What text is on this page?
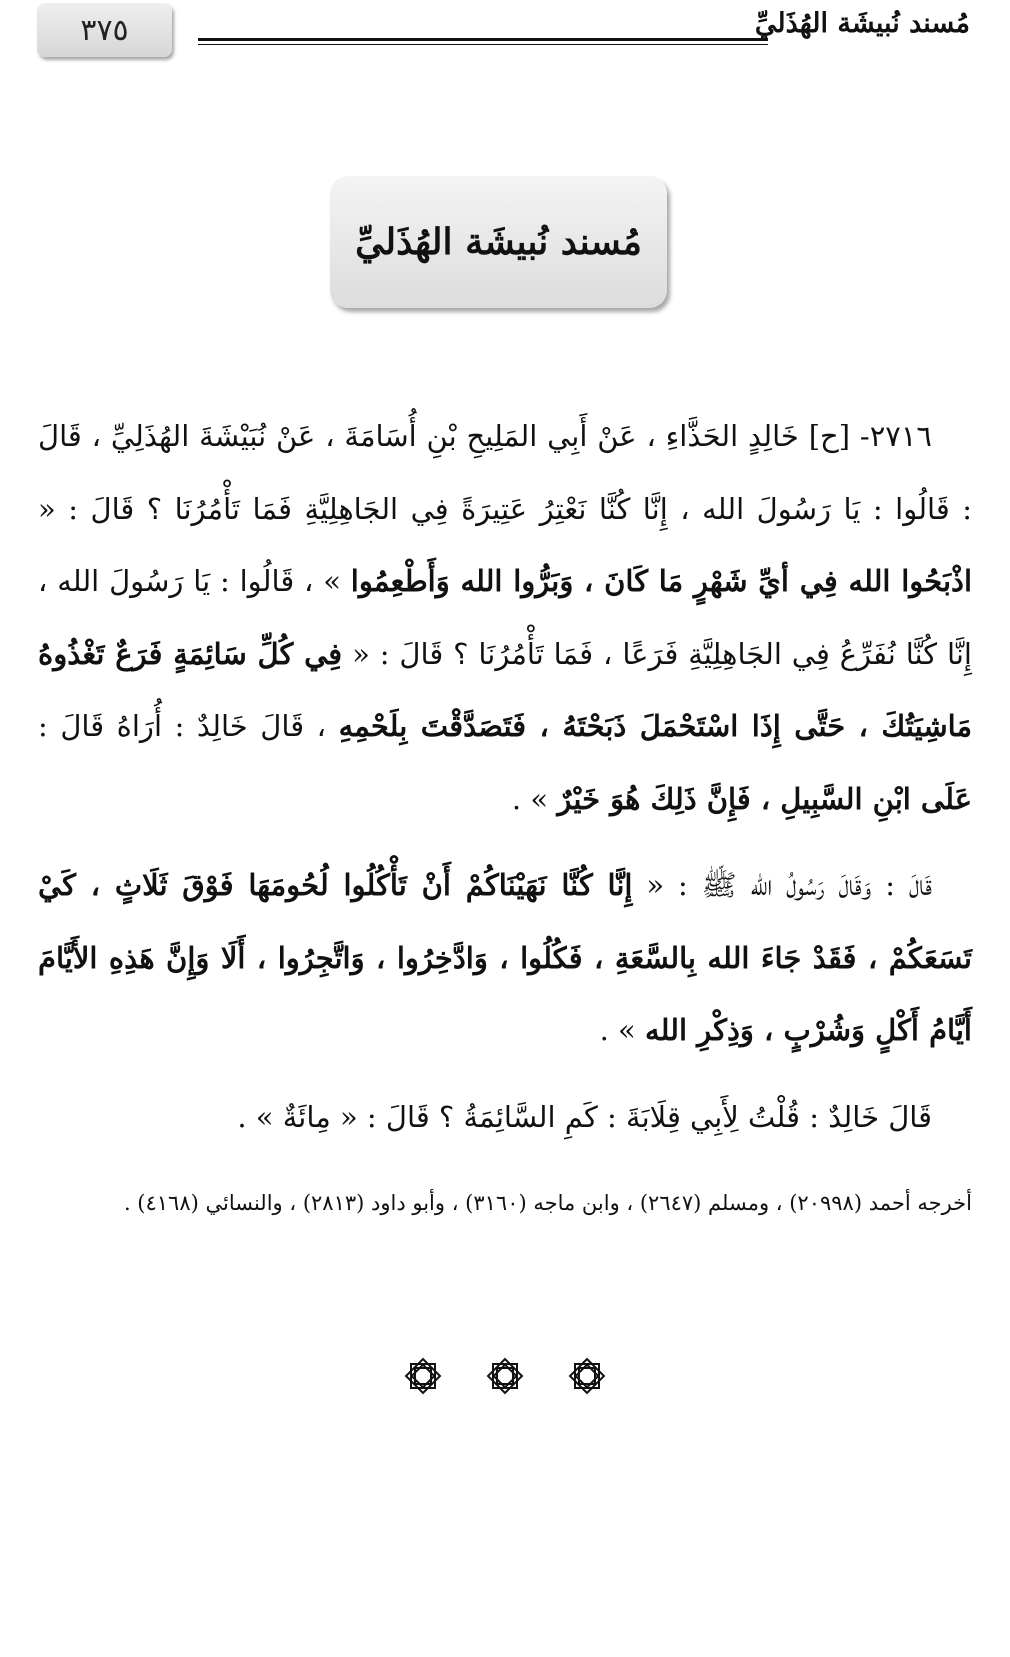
٣٧٥	مُسند نُبيشَة الهُذَليِّ
مُسند نُبيشَة الهُذَليِّ

٢٧١٦- [ح] خَالِدٍ الحَذَّاءِ ، عَنْ أَبِي المَلِيحِ بْنِ أُسَامَةَ ، عَنْ نُبَيْشَةَ الهُذَلِيِّ ، قَالَ : قَالُوا : يَا رَسُولَ الله ، إِنَّا كُنَّا نَعْتِرُ عَتِيرَةً فِي الجَاهِلِيَّةِ فَمَا تَأْمُرُنَا ؟ قَالَ : « اذْبَحُوا الله فِي أيِّ شَهْرٍ مَا كَانَ ، وَبَرُّوا الله وَأَطْعِمُوا » ، قَالُوا : يَا رَسُولَ الله ، إِنَّا كُنَّا نُفَرِّعُ فِي الجَاهِلِيَّةِ فَرَعًا ، فَمَا تَأْمُرُنَا ؟ قَالَ : « فِي كُلِّ سَائِمَةٍ فَرَعٌ تَغْذُوهُ مَاشِيَتُكَ ، حَتَّى إِذَا اسْتَحْمَلَ ذَبَحْتَهُ ، فَتَصَدَّقْتَ بِلَحْمِهِ ، قَالَ خَالِدٌ : أُرَاهُ قَالَ : عَلَى ابْنِ السَّبِيلِ ، فَإِنَّ ذَلِكَ هُوَ خَيْرٌ » .

قَالَ : وَقَالَ رَسُولُ الله ﷺ : « إِنَّا كُنَّا نَهَيْنَاكُمْ أَنْ تَأْكُلُوا لُحُومَهَا فَوْقَ ثَلَاثٍ ، كَيْ تَسَعَكُمْ ، فَقَدْ جَاءَ الله بِالسَّعَةِ ، فَكُلُوا ، وَادَّخِرُوا ، وَاتَّجِرُوا ، أَلَا وَإِنَّ هَذِهِ الأَيَّامَ أَيَّامُ أَكْلٍ وَشُرْبٍ ، وَذِكْرِ الله » .

قَالَ خَالِدٌ : قُلْتُ لِأَبِي قِلَابَةَ : كَمِ السَّائِمَةُ ؟ قَالَ : « مِائَةٌ » .

أخرجه أحمد (٢٠٩٩٨) ، ومسلم (٢٦٤٧) ، وابن ماجه (٣١٦٠) ، وأبو داود (٢٨١٣) ، والنسائي (٤١٦٨) .
